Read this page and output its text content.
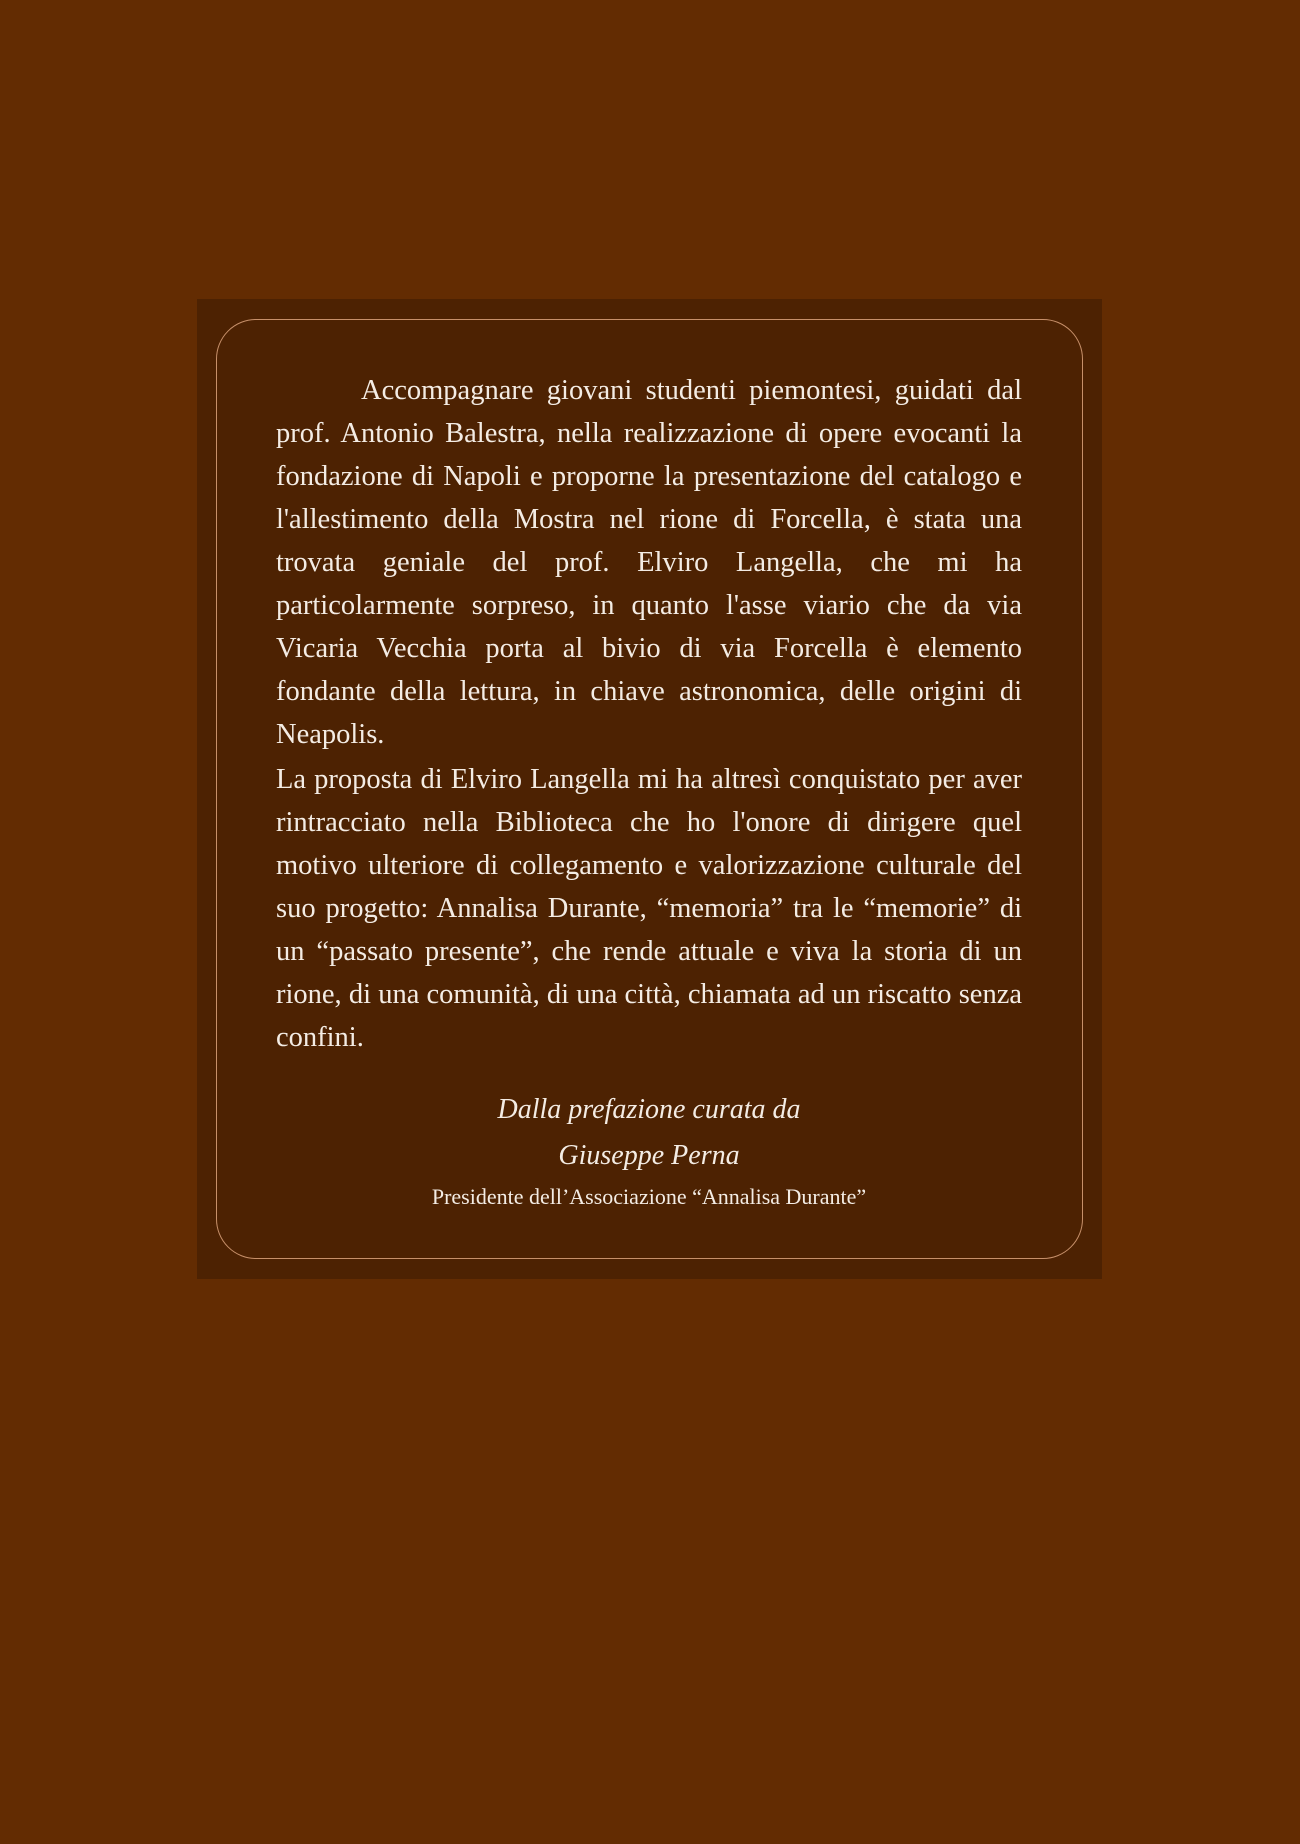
Accompagnare giovani studenti piemontesi, guidati dal prof. Antonio Balestra, nella realizzazione di opere evocanti la fondazione di Napoli e proporne la presentazione del catalogo e l'allestimento della Mostra nel rione di Forcella, è stata una trovata geniale del prof. Elviro Langella, che mi ha particolarmente sorpreso, in quanto l'asse viario che da via Vicaria Vecchia porta al bivio di via Forcella è elemento fondante della lettura, in chiave astronomica, delle origini di Neapolis.

La proposta di Elviro Langella mi ha altresì conquistato per aver rintracciato nella Biblioteca che ho l'onore di dirigere quel motivo ulteriore di collegamento e valorizzazione culturale del suo progetto: Annalisa Durante, “memoria” tra le “memorie” di un “passato presente”, che rende attuale e viva la storia di un rione, di una comunità, di una città, chiamata ad un riscatto senza confini.

Dalla prefazione curata da
Giuseppe Perna
Presidente dell’Associazione “Annalisa Durante”
